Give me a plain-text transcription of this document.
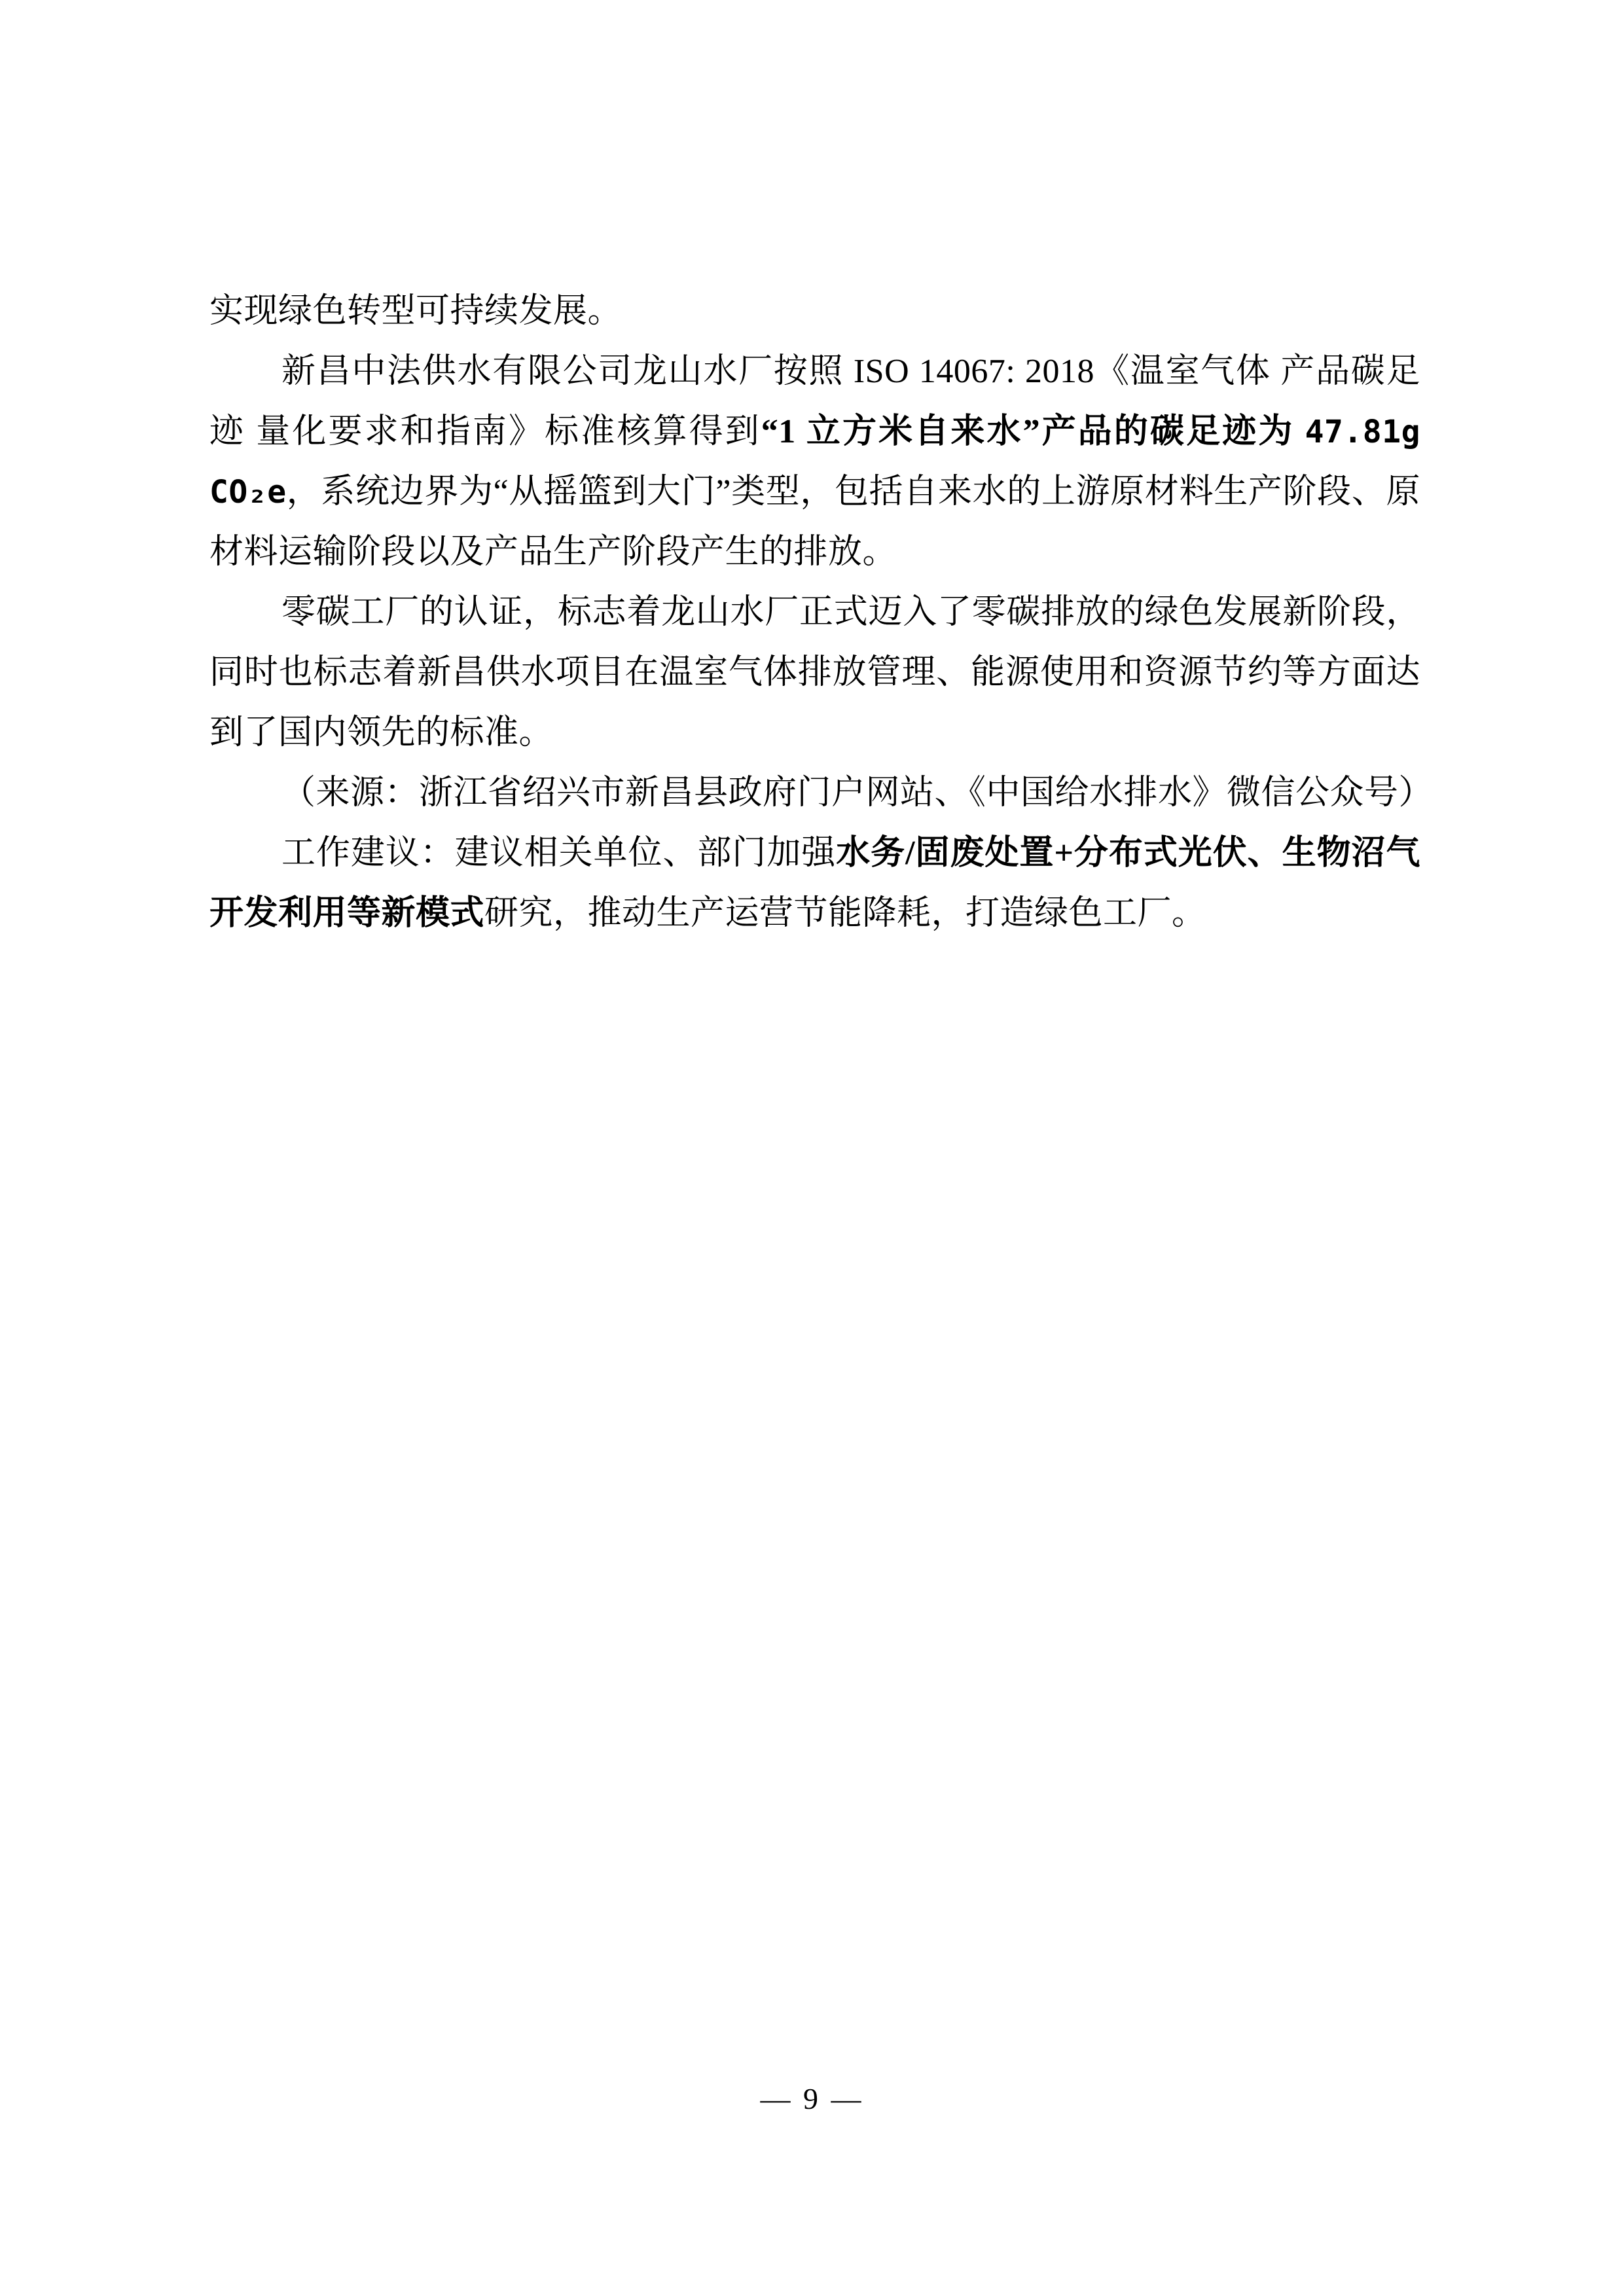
实现绿色转型可持续发展。

新昌中法供水有限公司龙山水厂按照 ISO 14067: 2018《温室气体 产品碳足迹 量化要求和指南》标准核算得到“1 立方米自来水”产品的碳足迹为 47.81g CO₂e，系统边界为“从摇篮到大门”类型，包括自来水的上游原材料生产阶段、原材料运输阶段以及产品生产阶段产生的排放。

零碳工厂的认证，标志着龙山水厂正式迈入了零碳排放的绿色发展新阶段，同时也标志着新昌供水项目在温室气体排放管理、能源使用和资源节约等方面达到了国内领先的标准。

（来源：浙江省绍兴市新昌县政府门户网站、《中国给水排水》微信公众号）

工作建议：建议相关单位、部门加强水务/固废处置+分布式光伏、生物沼气开发利用等新模式研究，推动生产运营节能降耗，打造绿色工厂。

— 9 —
